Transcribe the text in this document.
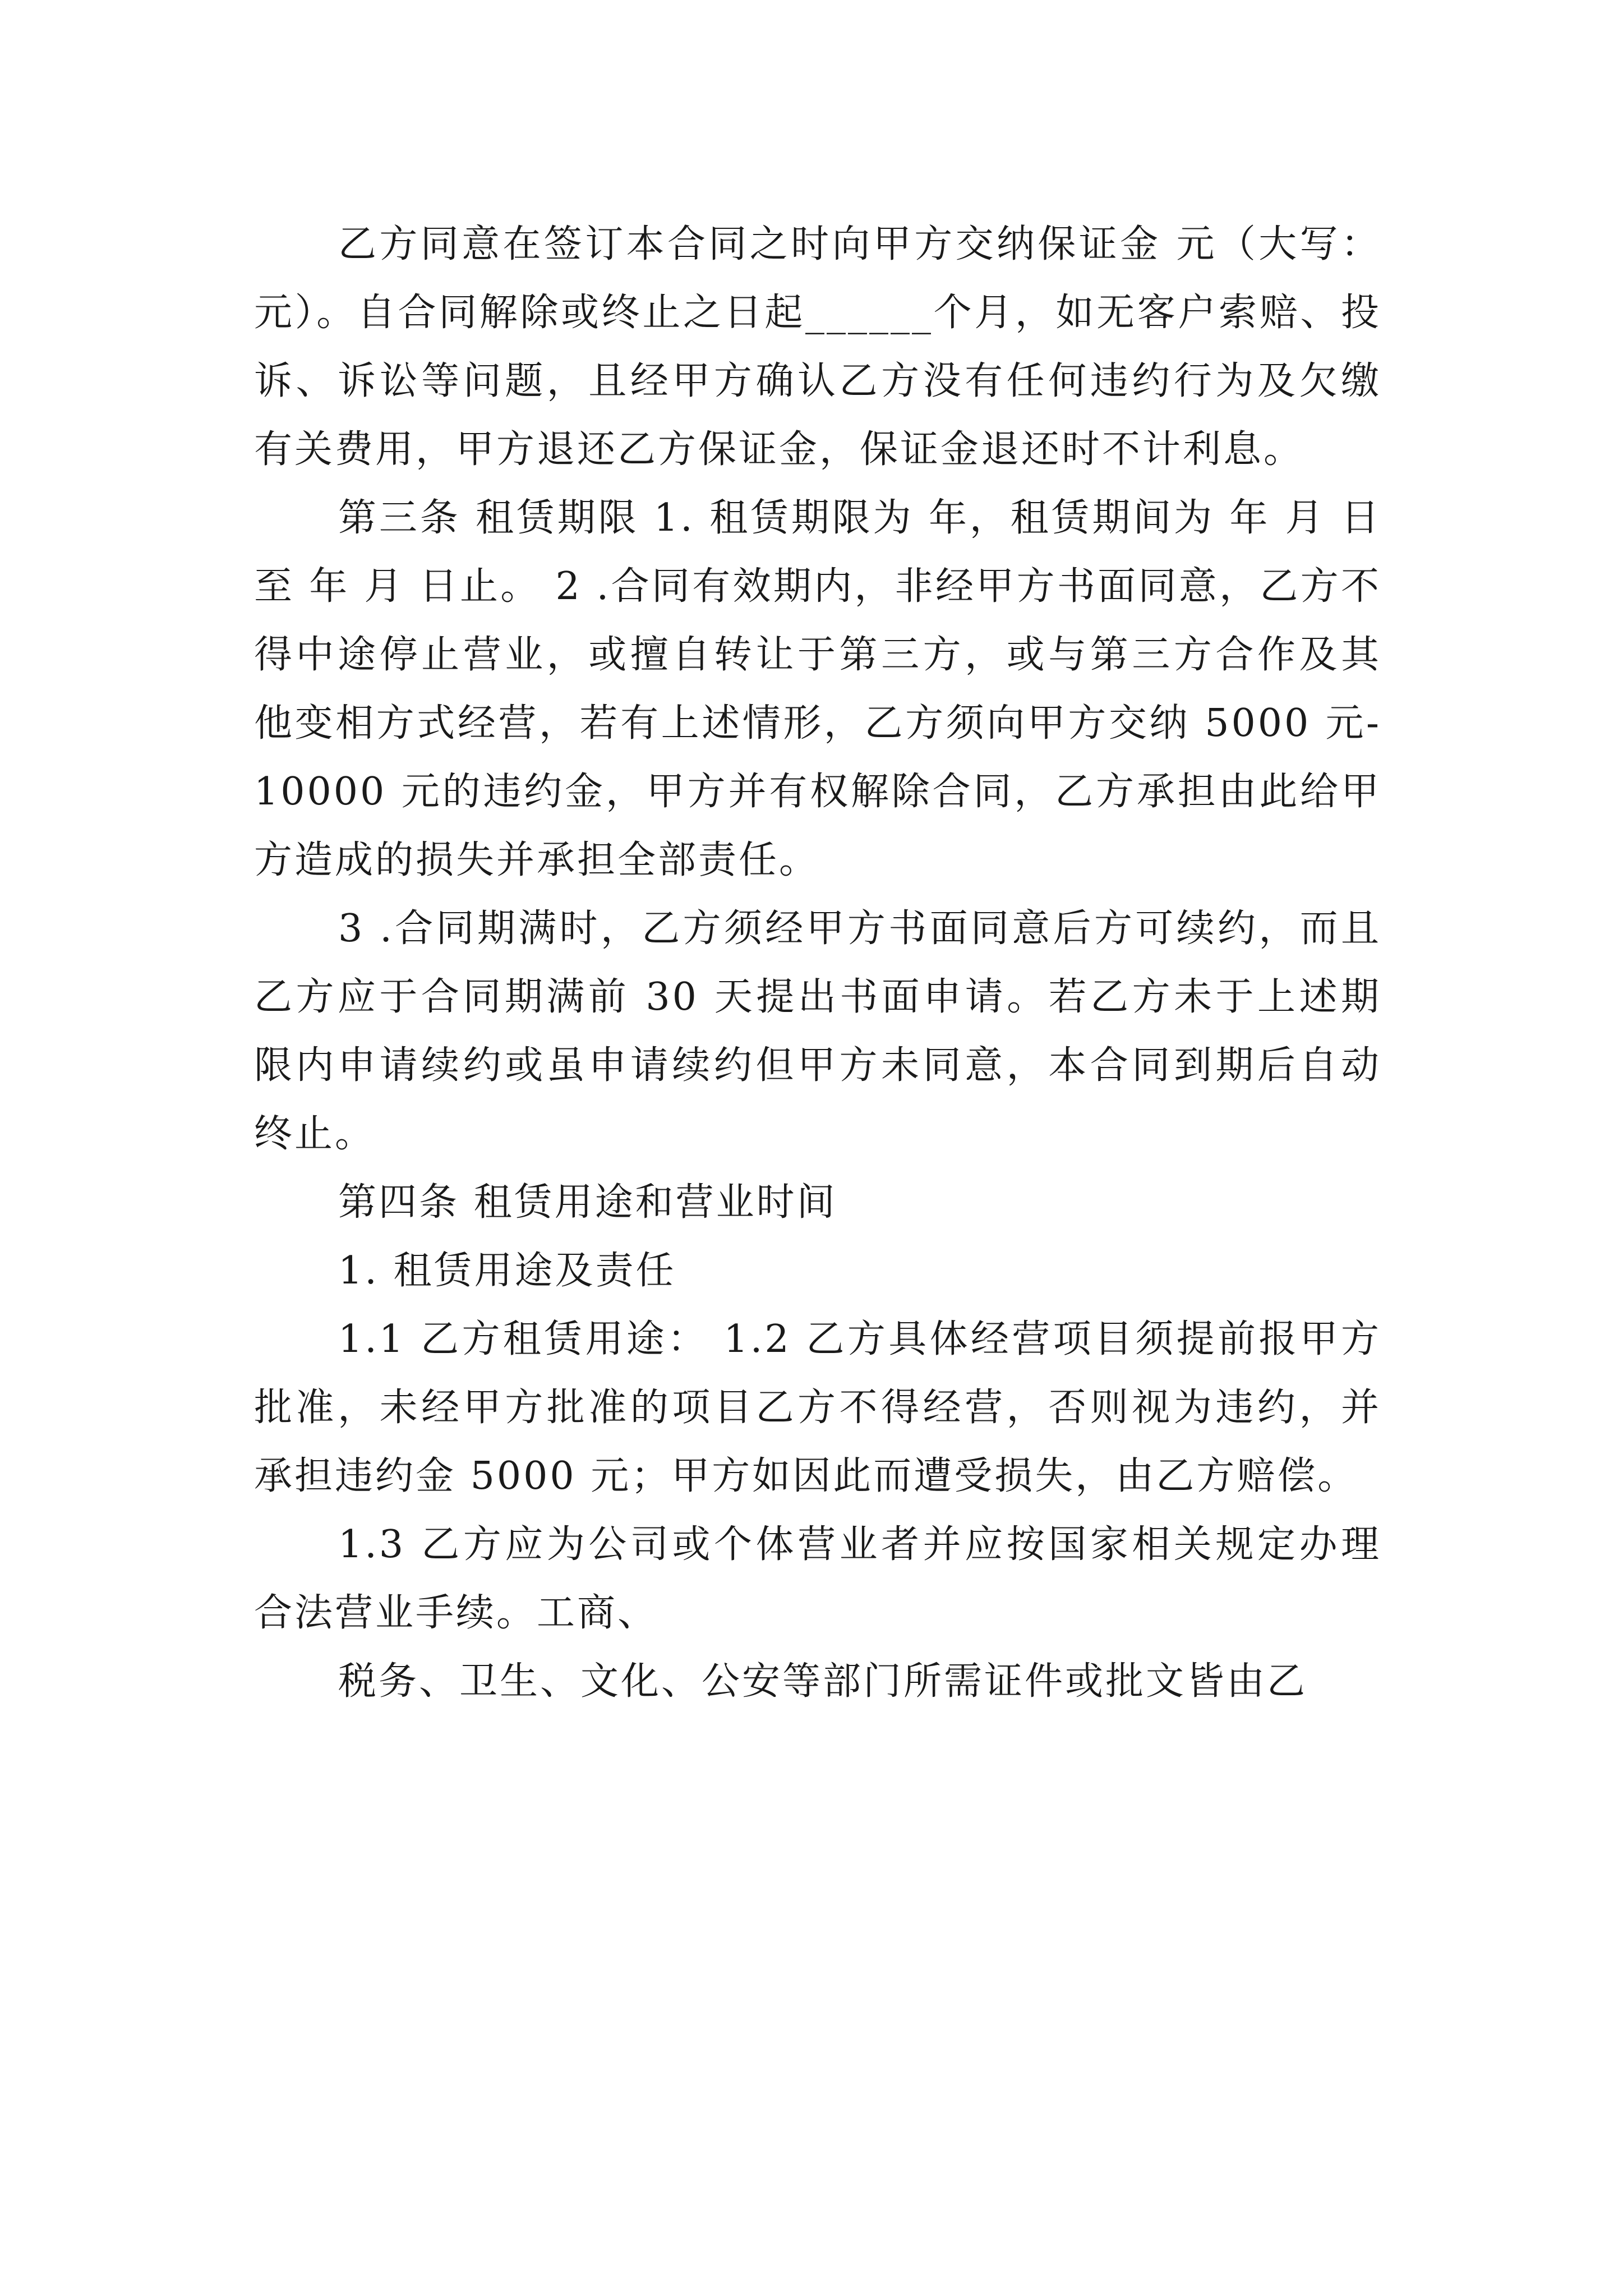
乙方同意在签订本合同之时向甲方交纳保证金 元（大写： 元）。自合同解除或终止之日起______个月，如无客户索赔、投诉、诉讼等问题，且经甲方确认乙方没有任何违约行为及欠缴有关费用，甲方退还乙方保证金，保证金退还时不计利息。

第三条 租赁期限 1. 租赁期限为 年，租赁期间为 年 月 日至 年 月 日止。 2 .合同有效期内，非经甲方书面同意，乙方不得中途停止营业，或擅自转让于第三方，或与第三方合作及其他变相方式经营，若有上述情形，乙方须向甲方交纳 5000 元-10000 元的违约金，甲方并有权解除合同，乙方承担由此给甲方造成的损失并承担全部责任。

3 .合同期满时，乙方须经甲方书面同意后方可续约，而且乙方应于合同期满前 30 天提出书面申请。若乙方未于上述期限内申请续约或虽申请续约但甲方未同意，本合同到期后自动终止。

第四条 租赁用途和营业时间

1. 租赁用途及责任

1.1 乙方租赁用途： 1.2 乙方具体经营项目须提前报甲方批准，未经甲方批准的项目乙方不得经营，否则视为违约，并承担违约金 5000 元；甲方如因此而遭受损失，由乙方赔偿。

1.3 乙方应为公司或个体营业者并应按国家相关规定办理合法营业手续。工商、

税务、卫生、文化、公安等部门所需证件或批文皆由乙
